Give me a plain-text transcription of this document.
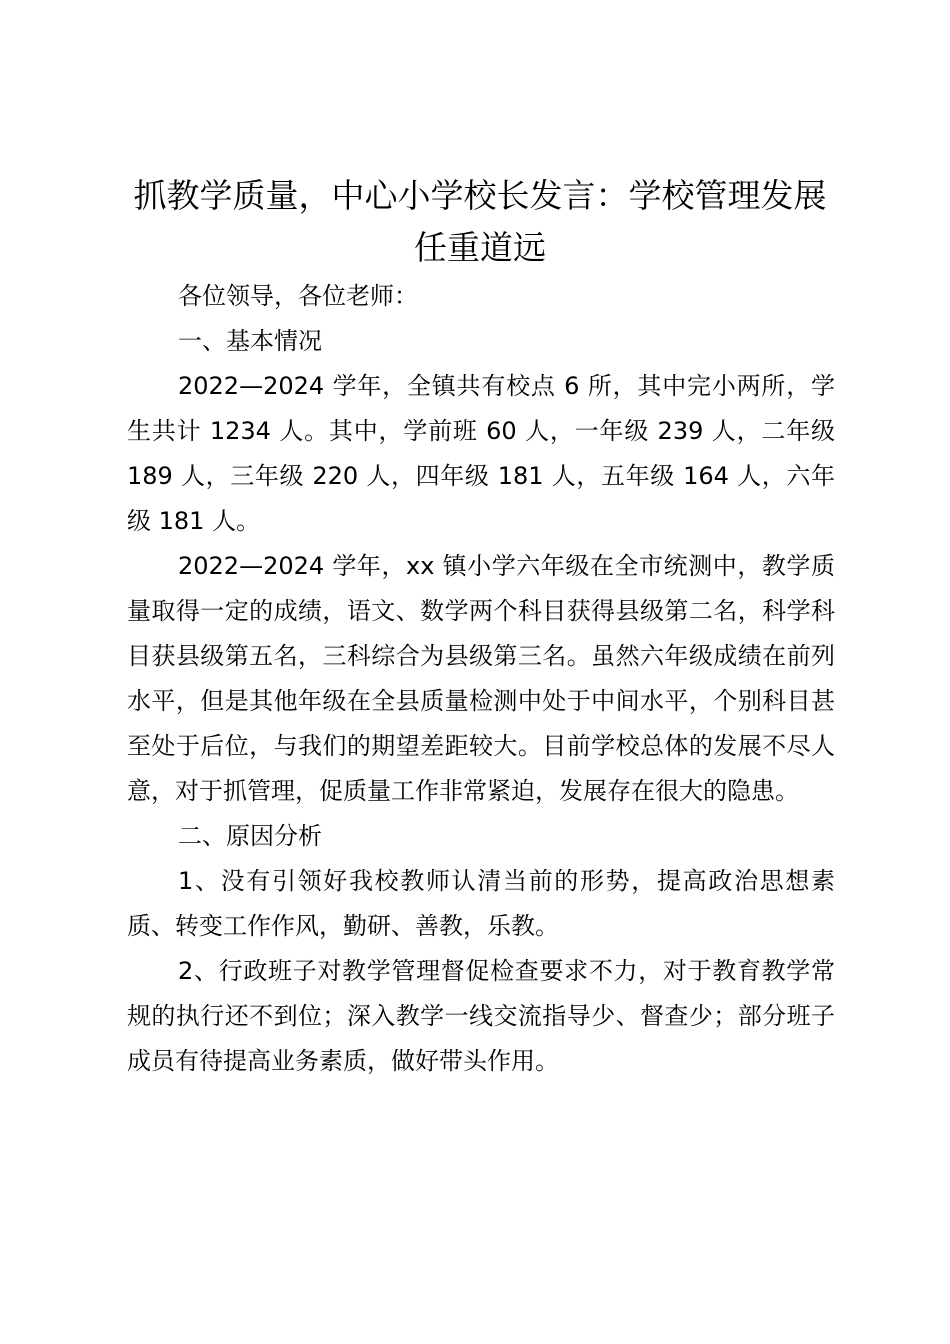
抓教学质量，中心小学校长发言：学校管理发展任重道远

各位领导，各位老师：

一、基本情况

2022—2024 学年，全镇共有校点 6 所，其中完小两所，学生共计 1234 人。其中，学前班 60 人，一年级 239 人，二年级 189 人，三年级 220 人，四年级 181 人，五年级 164 人，六年级 181 人。

2022—2024 学年，xx 镇小学六年级在全市统测中，教学质量取得一定的成绩，语文、数学两个科目获得县级第二名，科学科目获县级第五名，三科综合为县级第三名。虽然六年级成绩在前列水平，但是其他年级在全县质量检测中处于中间水平，个别科目甚至处于后位，与我们的期望差距较大。目前学校总体的发展不尽人意，对于抓管理，促质量工作非常紧迫，发展存在很大的隐患。

二、原因分析

1、没有引领好我校教师认清当前的形势，提高政治思想素质、转变工作作风，勤研、善教，乐教。

2、行政班子对教学管理督促检查要求不力，对于教育教学常规的执行还不到位；深入教学一线交流指导少、督查少；部分班子成员有待提高业务素质，做好带头作用。
